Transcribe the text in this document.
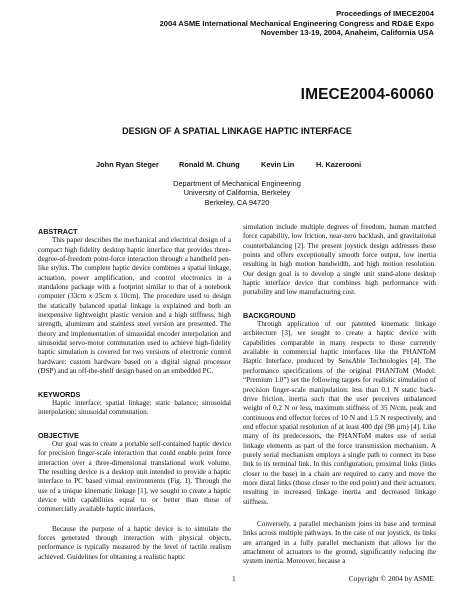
Proceedings of IMECE2004
2004 ASME International Mechanical Engineering Congress and RD&E Expo
November 13-19, 2004, Anaheim, California USA
IMECE2004-60060
DESIGN OF A SPATIAL LINKAGE HAPTIC INTERFACE
John Ryan Steger	Ronald M. Chung	Kevin Lin	H. Kazerooni
Department of Mechanical Engineering
University of California, Berkeley
Berkeley, CA 94720
ABSTRACT

This paper describes the mechanical and electrical design of a compact high fidelity desktop haptic interface that provides three-degree-of-freedom point-force interaction through a handheld pen-like stylus. The complete haptic device combines a spatial linkage, actuation, power amplification, and control electronics in a standalone package with a footprint similar to that of a notebook computer (33cm x 25cm x 10cm). The procedure used to design the statically balanced spatial linkage is explained and both an inexpensive lightweight plastic version and a high stiffness, high strength, aluminum and stainless steel version are presented. The theory and implementation of sinusoidal encoder interpolation and sinusoidal servo-motor commutation used to achieve high-fidelity haptic simulation is covered for two versions of electronic control hardware: custom hardware based on a digital signal processor (DSP) and an off-the-shelf design based on an embedded PC.

KEYWORDS

Haptic interface; spatial linkage; static balance; sinusoidal interpolation; sinusoidal commutation.

OBJECTIVE

Our goal was to create a portable self-contained haptic device for precision finger-scale interaction that could enable point force interaction over a three-dimensional translational work volume. The resulting device is a desktop unit intended to provide a haptic interface to PC based virtual environments (Fig. 1). Through the use of a unique kinematic linkage [1], we sought to create a haptic device with capabilities equal to or better than those of commercially available haptic interfaces.

Because the purpose of a haptic device is to simulate the forces generated through interaction with physical objects, performance is typically measured by the level of tactile realism achieved. Guidelines for obtaining a realistic haptic

simulation include multiple degrees of freedom, human matched force capability, low friction, near-zero backlash, and gravitational counterbalancing [2]. The present joystick design addresses these points and offers exceptionally smooth force output, low inertia resulting in high motion bandwidth, and high motion resolution. Our design goal is to develop a single unit stand-alone desktop haptic interface device that combines high performance with portability and low manufacturing cost.

BACKGROUND

Through application of our patented kinematic linkage architecture [3], we sought to create a haptic device with capabilities comparable in many respects to those currently available in commercial haptic interfaces like the PHANToM Haptic Interface, produced by SensAble Technologies [4]. The performance specifications of the original PHANToM (Model: “Premium 1.0”) set the following targets for realistic simulation of precision finger-scale manipulation: less than 0.1 N static back-drive friction, inertia such that the user perceives unbalanced weight of 0.2 N or less, maximum stiffness of 35 N/cm, peak and continuous end effector forces of 10 N and 1.5 N respectively, and end effector spatial resolution of at least 400 dpi (98 µm) [4]. Like many of its predecessors, the PHANToM makes use of serial linkage elements as part of the force transmission mechanism. A purely serial mechanism employs a single path to connect its base link to its terminal link. In this configuration, proximal links (links closer to the base) in a chain are required to carry and move the more distal links (those closer to the end point) and their actuators, resulting in increased linkage inertia and decreased linkage stiffness.

Conversely, a parallel mechanism joins its base and terminal links across multiple pathways. In the case of our joystick, its links are arranged in a fully parallel mechanism that allows for the attachment of actuators to the ground, significantly reducing the system inertia. Moreover, because a

1	Copyright © 2004 by ASME
